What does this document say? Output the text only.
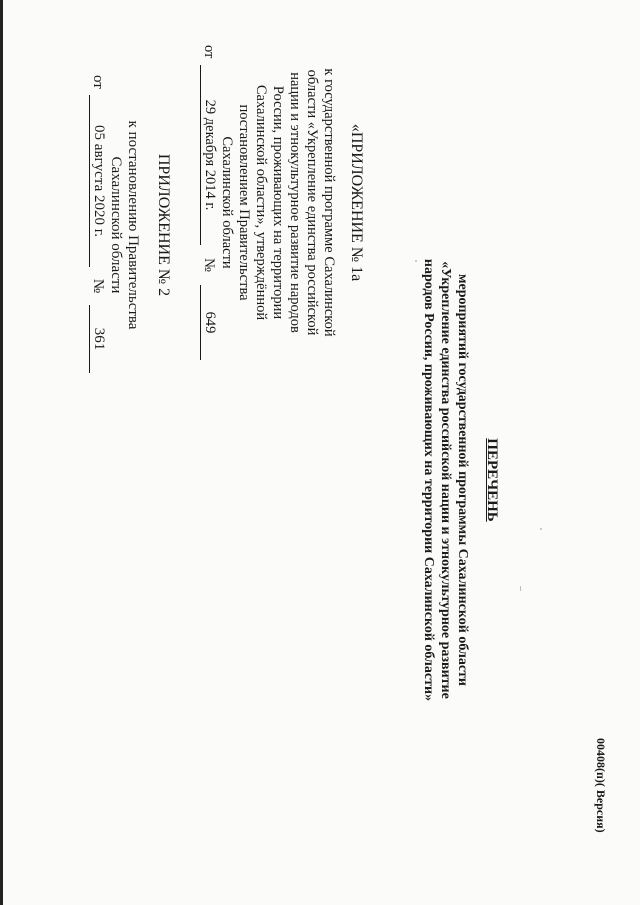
ПРИЛОЖЕНИЕ № 2
к постановлению Правительства
Сахалинской области
от
05 августа 2020 г.
№
361
«ПРИЛОЖЕНИЕ № 1а
к государственной программе Сахалинской
области «Укрепление единства российской
нации и этнокультурное развитие народов
России, проживающих на территории
Сахалинской области», утверждённой
постановлением Правительства
Сахалинской области
от
29 декабря 2014 г.
№
649
ПЕРЕЧЕНЬ
мероприятий государственной программы Сахалинской области
«Укрепление единства российской нации и этнокультурное развитие
народов России, проживающих на территории Сахалинской области»
00408(п)( Версия)
